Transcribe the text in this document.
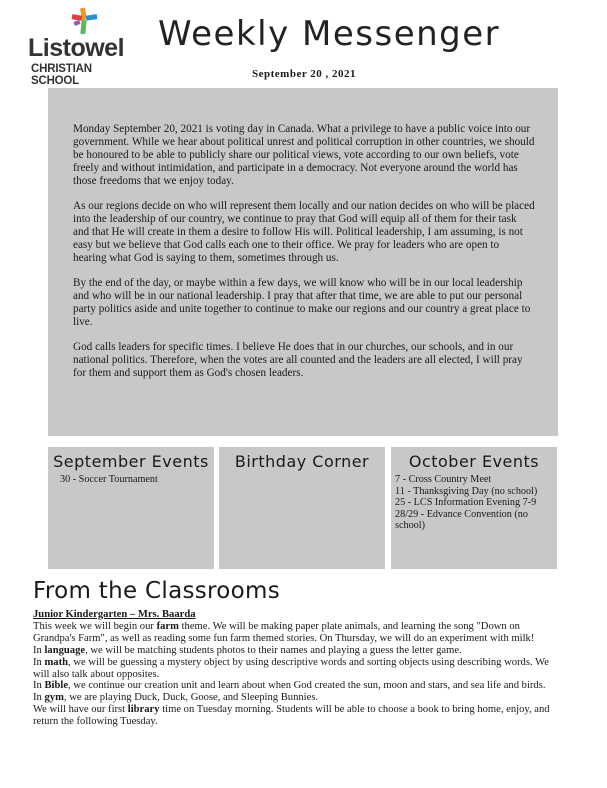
Listowel
CHRISTIAN SCHOOL
Weekly Messenger
September 20 , 2021

Monday September 20, 2021 is voting day in Canada. What a privilege to have a public voice into our government. While we hear about political unrest and political corruption in other countries, we should be honoured to be able to publicly share our political views, vote according to our own beliefs, vote freely and without intimidation, and participate in a democracy. Not everyone around the world has those freedoms that we enjoy today.

As our regions decide on who will represent them locally and our nation decides on who will be placed into the leadership of our country, we continue to pray that God will equip all of them for their task and that He will create in them a desire to follow His will. Political leadership, I am assuming, is not easy but we believe that God calls each one to their office. We pray for leaders who are open to hearing what God is saying to them, sometimes through us.

By the end of the day, or maybe within a few days, we will know who will be in our local leadership and who will be in our national leadership. I pray that after that time, we are able to put our personal party politics aside and unite together to continue to make our regions and our country a great place to live.

God calls leaders for specific times. I believe He does that in our churches, our schools, and in our national politics. Therefore, when the votes are all counted and the leaders are all elected, I will pray for them and support them as God's chosen leaders.

September Events
30 - Soccer Tournament
Birthday Corner	October Events
7 - Cross Country Meet
11 - Thanksgiving Day (no school)
25 - LCS Information Evening 7-9
28/29 - Edvance Convention (no school)
From the Classrooms
Junior Kindergarten – Mrs. Baarda

This week we will begin our farm theme. We will be making paper plate animals, and learning the song "Down on Grandpa's Farm", as well as reading some fun farm themed stories. On Thursday, we will do an experiment with milk!

In language, we will be matching students photos to their names and playing a guess the letter game.

In math, we will be guessing a mystery object by using descriptive words and sorting objects using describing words. We will also talk about opposites.

In Bible, we continue our creation unit and learn about when God created the sun, moon and stars, and sea life and birds.

In gym, we are playing Duck, Duck, Goose, and Sleeping Bunnies.

We will have our first library time on Tuesday morning. Students will be able to choose a book to bring home, enjoy, and return the following Tuesday.
